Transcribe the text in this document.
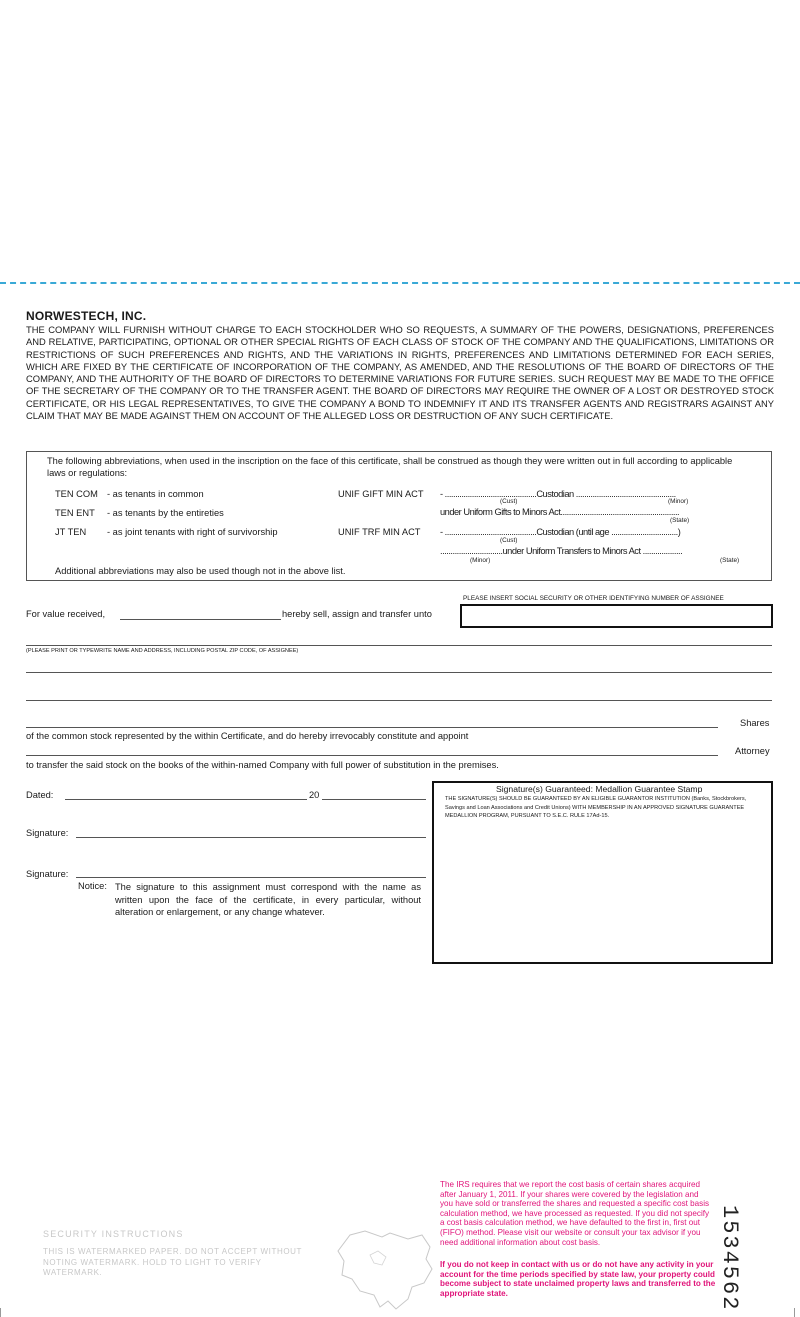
NORWESTECH, INC.
THE COMPANY WILL FURNISH WITHOUT CHARGE TO EACH STOCKHOLDER WHO SO REQUESTS, A SUMMARY OF THE POWERS, DESIGNATIONS, PREFERENCES AND RELATIVE, PARTICIPATING, OPTIONAL OR OTHER SPECIAL RIGHTS OF EACH CLASS OF STOCK OF THE COMPANY AND THE QUALIFICATIONS, LIMITATIONS OR RESTRICTIONS OF SUCH PREFERENCES AND RIGHTS, AND THE VARIATIONS IN RIGHTS, PREFERENCES AND LIMITATIONS DETERMINED FOR EACH SERIES, WHICH ARE FIXED BY THE CERTIFICATE OF INCORPORATION OF THE COMPANY, AS AMENDED, AND THE RESOLUTIONS OF THE BOARD OF DIRECTORS OF THE COMPANY, AND THE AUTHORITY OF THE BOARD OF DIRECTORS TO DETERMINE VARIATIONS FOR FUTURE SERIES. SUCH REQUEST MAY BE MADE TO THE OFFICE OF THE SECRETARY OF THE COMPANY OR TO THE TRANSFER AGENT. THE BOARD OF DIRECTORS MAY REQUIRE THE OWNER OF A LOST OR DESTROYED STOCK CERTIFICATE, OR HIS LEGAL REPRESENTATIVES, TO GIVE THE COMPANY A BOND TO INDEMNIFY IT AND ITS TRANSFER AGENTS AND REGISTRARS AGAINST ANY CLAIM THAT MAY BE MADE AGAINST THEM ON ACCOUNT OF THE ALLEGED LOSS OR DESTRUCTION OF ANY SUCH CERTIFICATE.
The following abbreviations, when used in the inscription on the face of this certificate, shall be construed as though they were written out in full according to applicable laws or regulations:
TEN COM - as tenants in common
TEN ENT - as tenants by the entireties
JT TEN - as joint tenants with right of survivorship
UNIF GIFT MIN ACT - ............................................Custodian ................................................
(Cust)	(Minor)
under Uniform Gifts to Minors Act.........................................................
(State)
UNIF TRF MIN ACT - ............................................Custodian (until age ................................)
(Cust)
..............................under Uniform Transfers to Minors Act ...................
(Minor)	(State)
Additional abbreviations may also be used though not in the above list.
PLEASE INSERT SOCIAL SECURITY OR OTHER IDENTIFYING NUMBER OF ASSIGNEE
For value received,	hereby sell, assign and transfer unto
(PLEASE PRINT OR TYPEWRITE NAME AND ADDRESS, INCLUDING POSTAL ZIP CODE, OF ASSIGNEE)
Shares
of the common stock represented by the within Certificate, and do hereby irrevocably constitute and appoint
Attorney
to transfer the said stock on the books of the within-named Company with full power of substitution in the premises.
Dated:	20
Signature:
Signature:
Notice: The signature to this assignment must correspond with the name as written upon the face of the certificate, in every particular, without alteration or enlargement, or any change whatever.
Signature(s) Guaranteed: Medallion Guarantee Stamp
THE SIGNATURE(S) SHOULD BE GUARANTEED BY AN ELIGIBLE GUARANTOR INSTITUTION (Banks, Stockbrokers, Savings and Loan Associations and Credit Unions) WITH MEMBERSHIP IN AN APPROVED SIGNATURE GUARANTEE MEDALLION PROGRAM, PURSUANT TO S.E.C. RULE 17Ad-15.
SECURITY INSTRUCTIONS
THIS IS WATERMARKED PAPER. DO NOT ACCEPT WITHOUT NOTING WATERMARK. HOLD TO LIGHT TO VERIFY WATERMARK.
The IRS requires that we report the cost basis of certain shares acquired after January 1, 2011. If your shares were covered by the legislation and you have sold or transferred the shares and requested a specific cost basis calculation method, we have processed as requested. If you did not specify a cost basis calculation method, we have defaulted to the first in, first out (FIFO) method. Please visit our website or consult your tax advisor if you need additional information about cost basis.
If you do not keep in contact with us or do not have any activity in your account for the time periods specified by state law, your property could become subject to state unclaimed property laws and transferred to the appropriate state.	1534562
